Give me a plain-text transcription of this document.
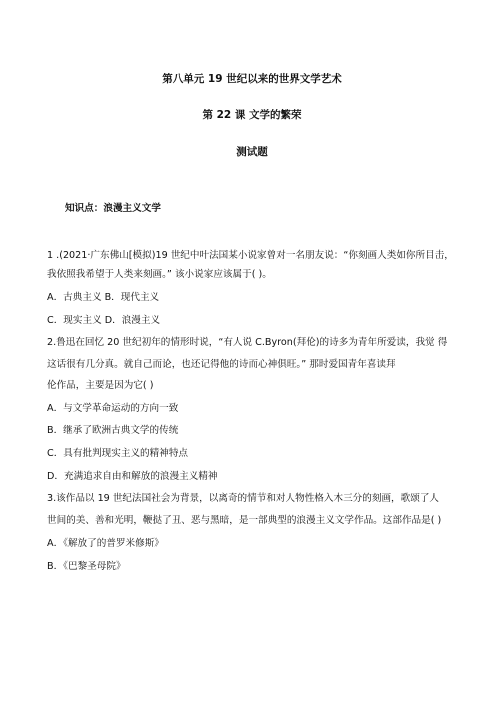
第八单元 19 世纪以来的世界文学艺术
第 22 课 文学的繁荣
测试题
知识点：浪漫主义文学
1 .(2021·广东佛山[模拟)19 世纪中叶法国某小说家曾对一名朋友说：“你刻画人类如你所目击，
我依照我希望于人类来刻画。” 该小说家应该属于( )。
A．古典主义 B．现代主义
C．现实主义 D．浪漫主义
2.鲁迅在回忆 20 世纪初年的情形时说，“有人说 C.Byron(拜伦)的诗多为青年所爱读，我觉 得
这话很有几分真。就自己而论，也还记得他的诗而心神俱旺。” 那时爱国青年喜读拜
伦作品，主要是因为它( )
A．与文学革命运动的方向一致
B．继承了欧洲古典文学的传统
C．具有批判现实主义的精神特点
D．充满追求自由和解放的浪漫主义精神
3.该作品以 19 世纪法国社会为背景，以离奇的情节和对人物性格入木三分的刻画，歌颂了人
世间的美、善和光明，鞭挞了丑、恶与黑暗，是一部典型的浪漫主义文学作品。这部作品是( )
A．《解放了的普罗米修斯》
B．《巴黎圣母院》
